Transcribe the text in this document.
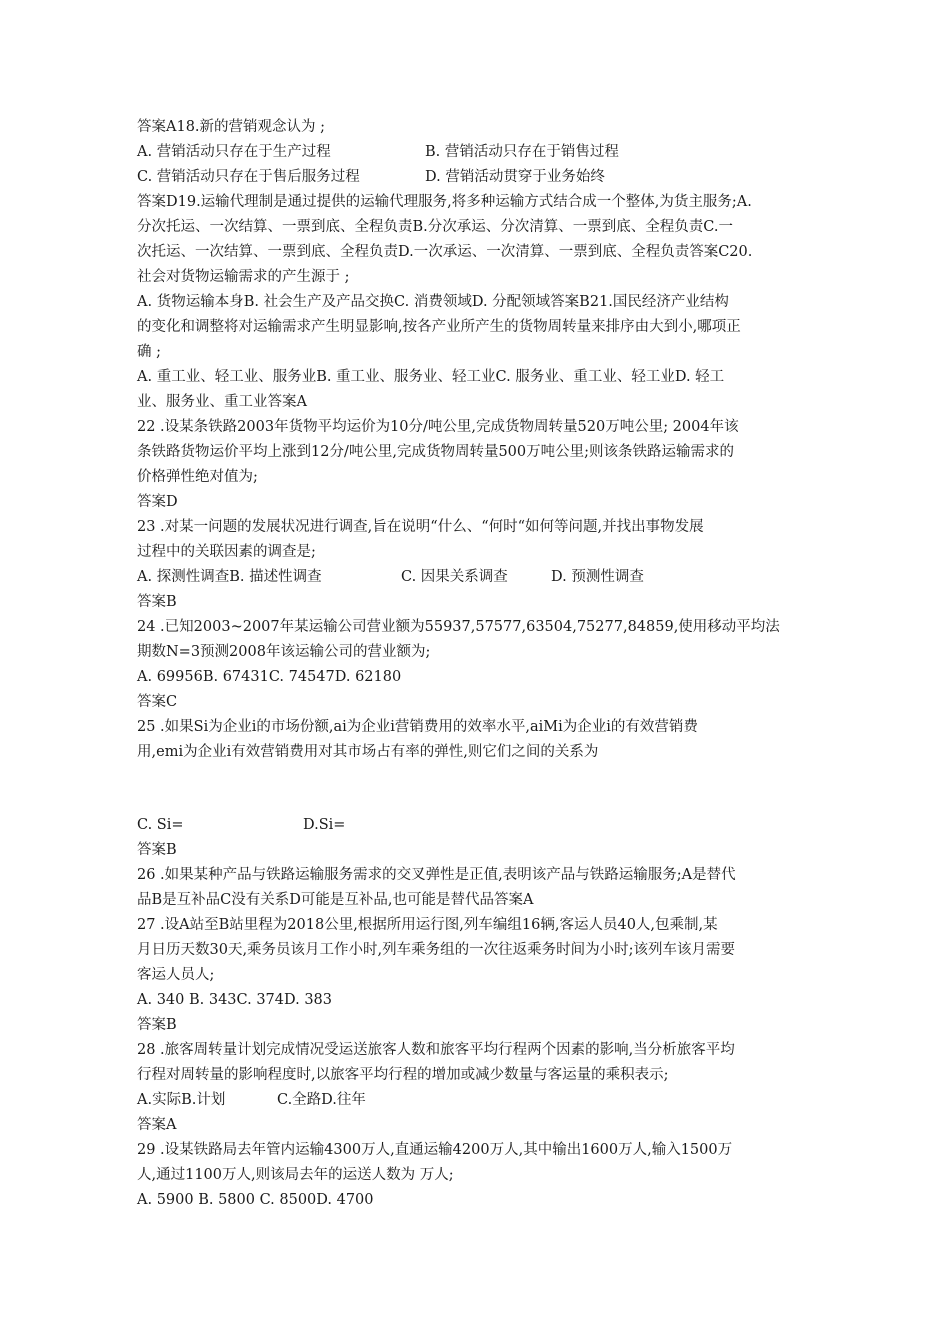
答案A18.新的营销观念认为 ;
A. 营销活动只存在于生产过程	B. 营销活动只存在于销售过程
C. 营销活动只存在于售后服务过程	D. 营销活动贯穿于业务始终
答案D19.运输代理制是通过提供的运输代理服务,将多种运输方式结合成一个整体,为货主服务;A.
分次托运、一次结算、一票到底、全程负责B.分次承运、分次清算、一票到底、全程负责C.一
次托运、一次结算、一票到底、全程负责D.一次承运、一次清算、一票到底、全程负责答案C20.
社会对货物运输需求的产生源于 ;
A. 货物运输本身B. 社会生产及产品交换C. 消费领域D. 分配领域答案B21.国民经济产业结构
的变化和调整将对运输需求产生明显影响,按各产业所产生的货物周转量来排序由大到小,哪项正
确 ;
A. 重工业、轻工业、服务业B. 重工业、服务业、轻工业C. 服务业、重工业、轻工业D. 轻工
业、服务业、重工业答案A
22 .设某条铁路2003年货物平均运价为10分/吨公里,完成货物周转量520万吨公里; 2004年该
条铁路货物运价平均上涨到12分/吨公里,完成货物周转量500万吨公里;则该条铁路运输需求的
价格弹性绝对值为;
答案D
23 .对某一问题的发展状况进行调查,旨在说明“什么、“何时“如何等问题,并找出事物发展
过程中的关联因素的调查是;
A. 探测性调查B. 描述性调查	C. 因果关系调查	D. 预测性调查
答案B
24 .已知2003~2007年某运输公司营业额为55937,57577,63504,75277,84859,使用移动平均法
期数N=3预测2008年该运输公司的营业额为;
A. 69956B. 67431C. 74547D. 62180
答案C
25 .如果Si为企业i的市场份额,ai为企业i营销费用的效率水平,aiMi为企业i的有效营销费
用,emi为企业i有效营销费用对其市场占有率的弹性,则它们之间的关系为
C. Si=	D.Si=
答案B
26 .如果某种产品与铁路运输服务需求的交叉弹性是正值,表明该产品与铁路运输服务;A是替代
品B是互补品C没有关系D可能是互补品,也可能是替代品答案A
27 .设A站至B站里程为2018公里,根据所用运行图,列车编组16辆,客运人员40人,包乘制,某
月日历天数30天,乘务员该月工作小时,列车乘务组的一次往返乘务时间为小时;该列车该月需要
客运人员人;
A. 340 B. 343C. 374D. 383
答案B
28 .旅客周转量计划完成情况受运送旅客人数和旅客平均行程两个因素的影响,当分析旅客平均
行程对周转量的影响程度时,以旅客平均行程的增加或减少数量与客运量的乘积表示;
A.实际B.计划	C.全路D.往年
答案A
29 .设某铁路局去年管内运输4300万人,直通运输4200万人,其中输出1600万人,输入1500万
人,通过1100万人,则该局去年的运送人数为 万人;
A. 5900 B. 5800 C. 8500D. 4700
